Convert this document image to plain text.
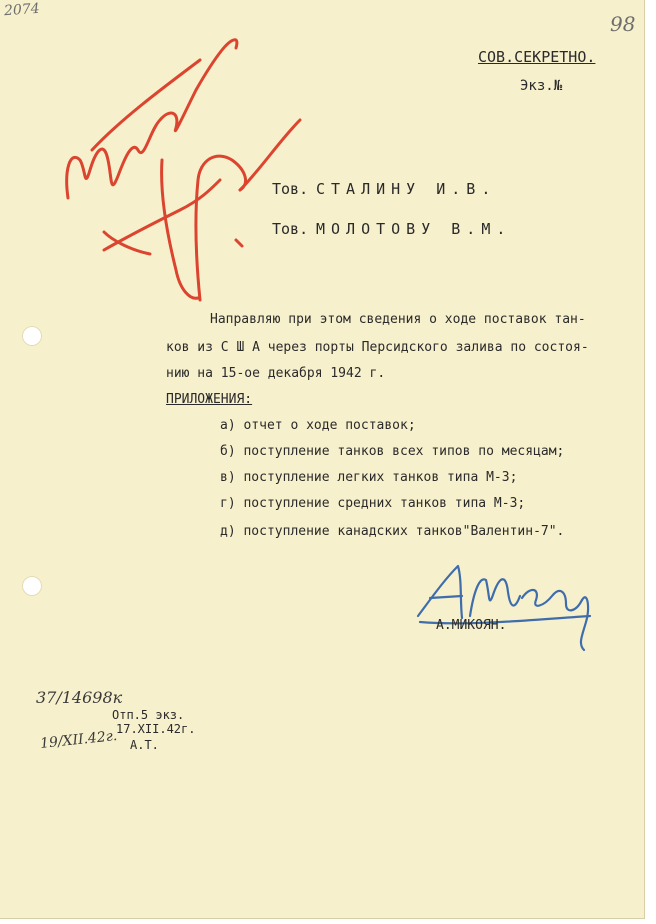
2074
98
СОВ.СЕКРЕТНО.
Экз.№
Тов. СТАЛИНУ И.В.
Тов. МОЛОТОВУ В.М.
Направляю при этом сведения о ходе поставок тан-
ков из С Ш А через порты Персидского залива по состоя-
нию на 15-ое декабря 1942 г.
ПРИЛОЖЕНИЯ:
а) отчет о ходе поставок;
б) поступление танков всех типов по месяцам;
в) поступление легких танков типа М-3;
г) поступление средних танков типа М-3;
д) поступление канадских танков"Валентин-7".
А.МИКОЯН.
37/14698к
Отп.5 экз.
17.XII.42г.
А.Т.
19/XII.42г.
